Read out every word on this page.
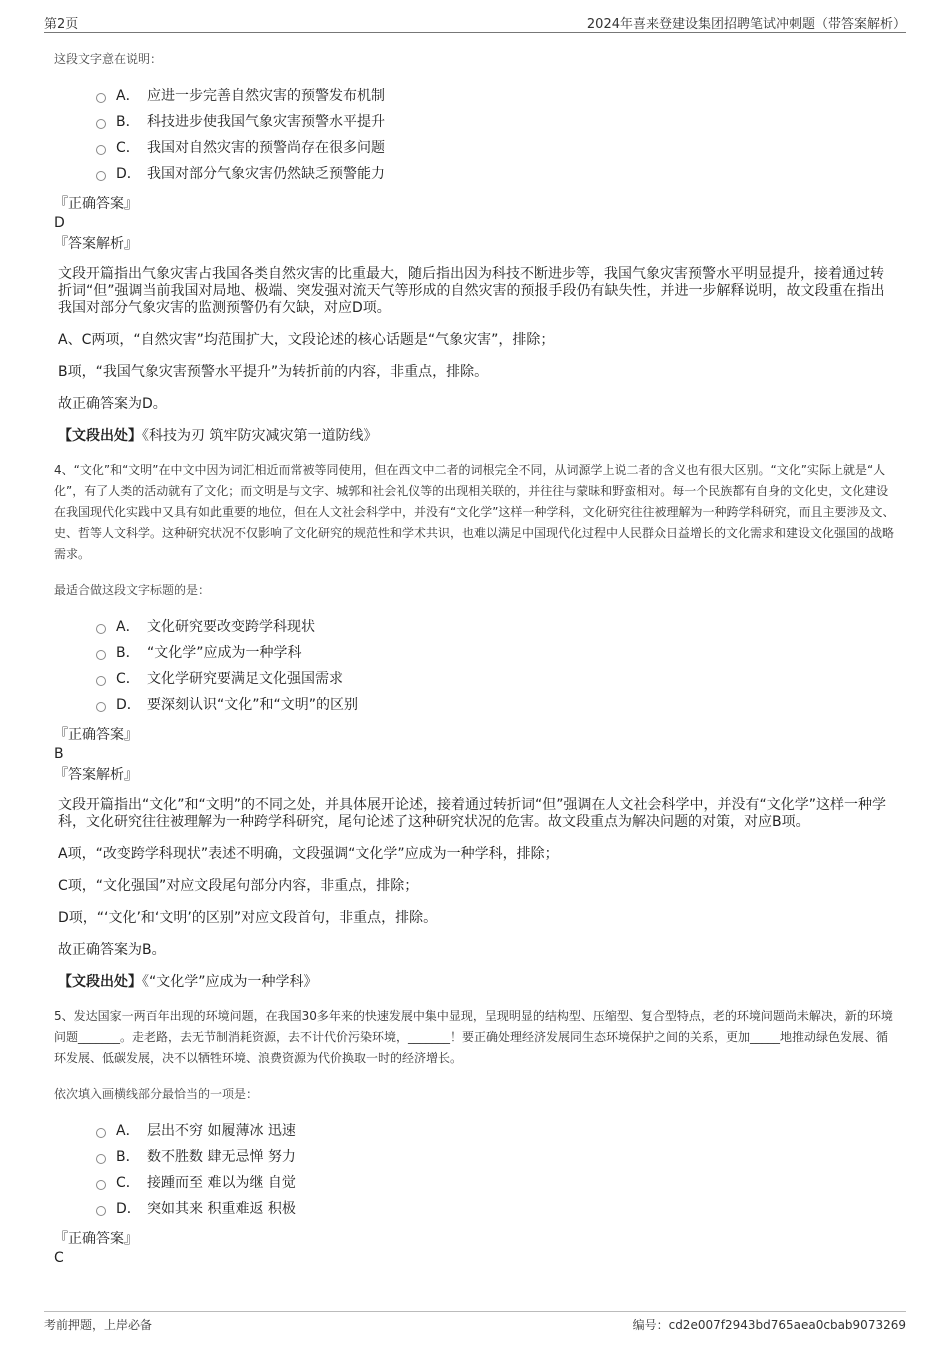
第2页	2024年喜来登建设集团招聘笔试冲刺题（带答案解析）
这段文字意在说明：
A． 应进一步完善自然灾害的预警发布机制
B． 科技进步使我国气象灾害预警水平提升
C． 我国对自然灾害的预警尚存在很多问题
D． 我国对部分气象灾害仍然缺乏预警能力
『正确答案』
D
『答案解析』

文段开篇指出气象灾害占我国各类自然灾害的比重最大，随后指出因为科技不断进步等，我国气象灾害预警水平明显提升，接着通过转折词“但”强调当前我国对局地、极端、突发强对流天气等形成的自然灾害的预报手段仍有缺失性，并进一步解释说明，故文段重在指出我国对部分气象灾害的监测预警仍有欠缺，对应D项。

A、C两项，“自然灾害”均范围扩大，文段论述的核心话题是“气象灾害”，排除；

B项，“我国气象灾害预警水平提升”为转折前的内容，非重点，排除。

故正确答案为D。

【文段出处】《科技为刃 筑牢防灾减灾第一道防线》

4、“文化”和“文明”在中文中因为词汇相近而常被等同使用，但在西文中二者的词根完全不同，从词源学上说二者的含义也有很大区别。“文化”实际上就是“人化”，有了人类的活动就有了文化；而文明是与文字、城郭和社会礼仪等的出现相关联的，并往往与蒙昧和野蛮相对。每一个民族都有自身的文化史，文化建设在我国现代化实践中又具有如此重要的地位，但在人文社会科学中，并没有“文化学”这样一种学科，文化研究往往被理解为一种跨学科研究，而且主要涉及文、史、哲等人文科学。这种研究状况不仅影响了文化研究的规范性和学术共识，也难以满足中国现代化过程中人民群众日益增长的文化需求和建设文化强国的战略需求。

最适合做这段文字标题的是：
A． 文化研究要改变跨学科现状
B． “文化学”应成为一种学科
C． 文化学研究要满足文化强国需求
D． 要深刻认识“文化”和“文明”的区别
『正确答案』
B
『答案解析』

文段开篇指出“文化”和“文明”的不同之处，并具体展开论述，接着通过转折词“但”强调在人文社会科学中，并没有“文化学”这样一种学科，文化研究往往被理解为一种跨学科研究，尾句论述了这种研究状况的危害。故文段重点为解决问题的对策，对应B项。

A项，“改变跨学科现状”表述不明确，文段强调“文化学”应成为一种学科，排除；

C项，“文化强国”对应文段尾句部分内容，非重点，排除；

D项，“‘文化’和‘文明’的区别”对应文段首句，非重点，排除。

故正确答案为B。

【文段出处】《“文化学”应成为一种学科》

5、发达国家一两百年出现的环境问题，在我国30多年来的快速发展中集中显现，呈现明显的结构型、压缩型、复合型特点，老的环境问题尚未解决，新的环境问题_______。走老路，去无节制消耗资源，去不计代价污染环境，_______！要正确处理经济发展同生态环境保护之间的关系，更加_____地推动绿色发展、循环发展、低碳发展，决不以牺牲环境、浪费资源为代价换取一时的经济增长。

依次填入画横线部分最恰当的一项是：
A． 层出不穷 如履薄冰 迅速
B． 数不胜数 肆无忌惮 努力
C． 接踵而至 难以为继 自觉
D． 突如其来 积重难返 积极
『正确答案』
C
考前押题，上岸必备	编号：cd2e007f2943bd765aea0cbab9073269
